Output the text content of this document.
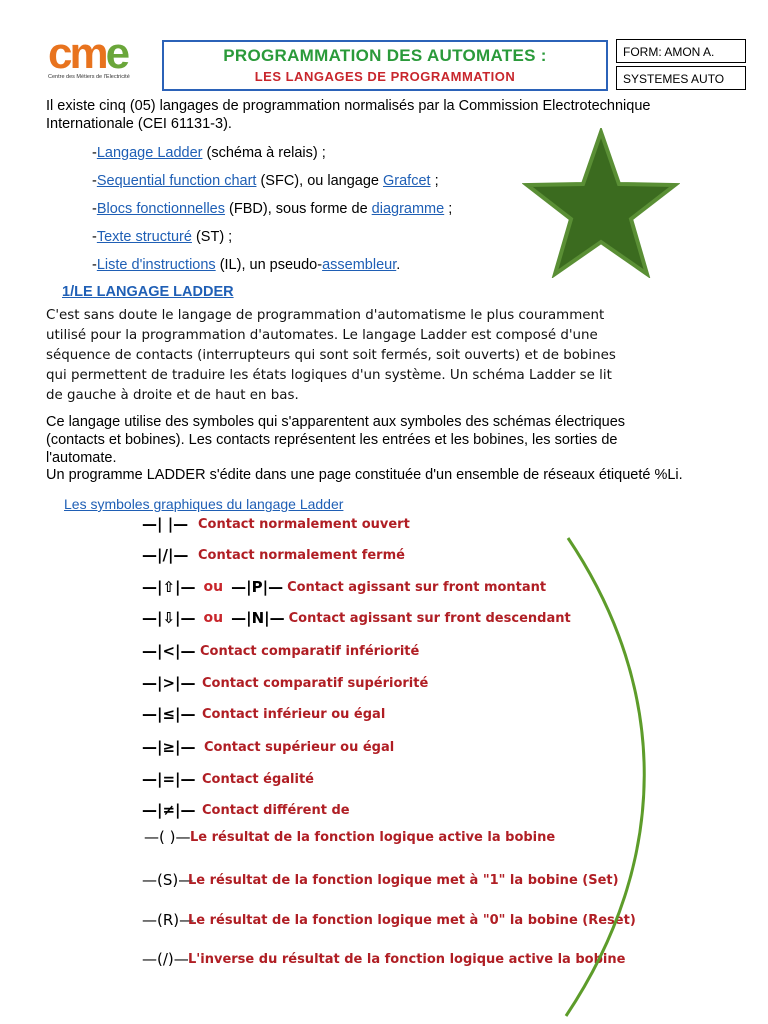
cme
Centre des Métiers de l'Electricité
PROGRAMMATION DES AUTOMATES :
LES LANGAGES DE PROGRAMMATION
FORM: AMON A.
SYSTEMES AUTO
Il existe cinq (05) langages de programmation normalisés par la Commission Electrotechnique
Internationale (CEI 61131-3).
-Langage Ladder (schéma à relais) ;
-Sequential function chart (SFC), ou langage Grafcet ;
-Blocs fonctionnelles (FBD), sous forme de diagramme ;
-Texte structuré (ST) ;
-Liste d'instructions (IL), un pseudo-assembleur.
1/LE LANGAGE LADDER
C'est sans doute le langage de programmation d'automatisme le plus couramment
utilisé pour la programmation d'automates. Le langage Ladder est composé d'une
séquence de contacts (interrupteurs qui sont soit fermés, soit ouverts) et de bobines
qui permettent de traduire les états logiques d'un système. Un schéma Ladder se lit
de gauche à droite et de haut en bas.
Ce langage utilise des symboles qui s'apparentent aux symboles des schémas électriques
(contacts et bobines). Les contacts représentent les entrées et les bobines, les sorties de
l'automate.
Un programme LADDER s'édite dans une page constituée d'un ensemble de réseaux étiqueté %Li.
Les symboles graphiques du langage Ladder
—| |— Contact normalement ouvert
—|/|— Contact normalement fermé
—|⇧|— ou —|P|— Contact agissant sur front montant
—|⇩|— ou —|N|— Contact agissant sur front descendant
—|<|— Contact comparatif infériorité
—|>|— Contact comparatif supériorité
—|≤|— Contact inférieur ou égal
—|≥|— Contact supérieur ou égal
—|=|— Contact égalité
—|≠|— Contact différent de
—( )— Le résultat de la fonction logique active la bobine
—(S)—
Le résultat de la fonction logique met à "1" la bobine (Set)
—(R)—
Le résultat de la fonction logique met à "0" la bobine (Reset)
—(/)— L'inverse du résultat de la fonction logique active la bobine
